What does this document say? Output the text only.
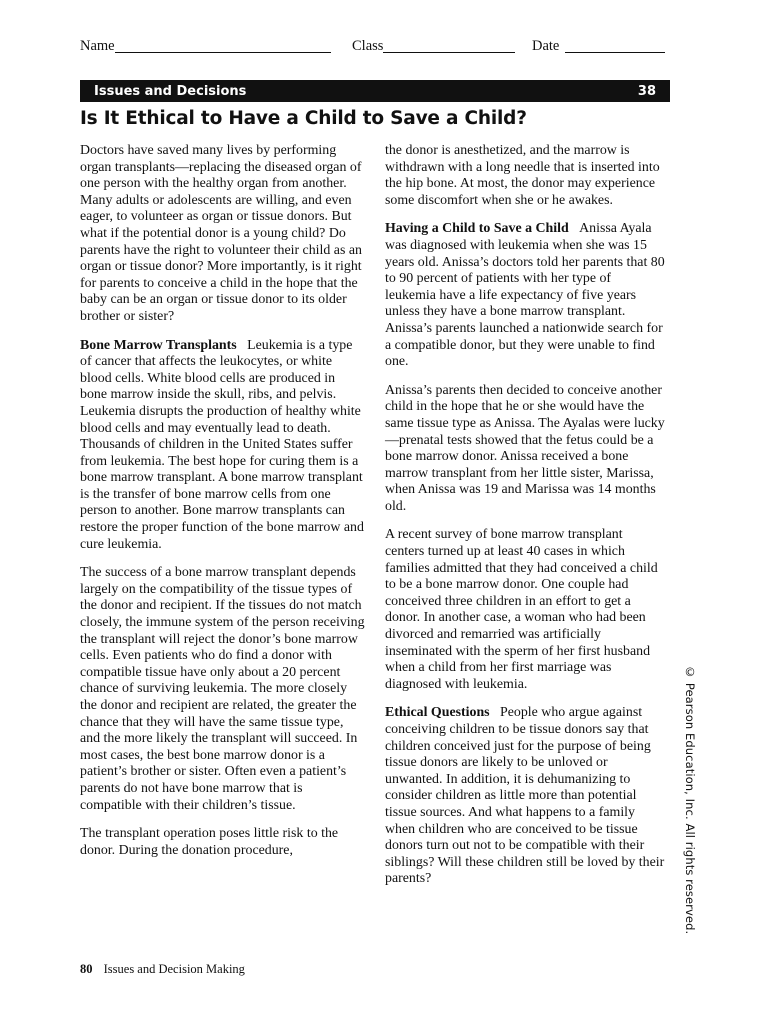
Name	Class	Date
Issues and Decisions	38
Is It Ethical to Have a Child to Save a Child?

Doctors have saved many lives by performing organ transplants—replacing the diseased organ of one person with the healthy organ from another. Many adults or adolescents are willing, and even eager, to volunteer as organ or tissue donors. But what if the potential donor is a young child? Do parents have the right to volunteer their child as an organ or tissue donor? More importantly, is it right for parents to conceive a child in the hope that the baby can be an organ or tissue donor to its older brother or sister?

Bone Marrow Transplants Leukemia is a type of cancer that affects the leukocytes, or white blood cells. White blood cells are produced in bone marrow inside the skull, ribs, and pelvis. Leukemia disrupts the production of healthy white blood cells and may eventually lead to death. Thousands of children in the United States suffer from leukemia. The best hope for curing them is a bone marrow transplant. A bone marrow transplant is the transfer of bone marrow cells from one person to another. Bone marrow transplants can restore the proper function of the bone marrow and cure leukemia.

The success of a bone marrow transplant depends largely on the compatibility of the tissue types of the donor and recipient. If the tissues do not match closely, the immune system of the person receiving the transplant will reject the donor’s bone marrow cells. Even patients who do find a donor with compatible tissue have only about a 20 percent chance of surviving leukemia. The more closely the donor and recipient are related, the greater the chance that they will have the same tissue type, and the more likely the transplant will succeed. In most cases, the best bone marrow donor is a patient’s brother or sister. Often even a patient’s parents do not have bone marrow that is compatible with their children’s tissue.

The transplant operation poses little risk to the donor. During the donation procedure,

the donor is anesthetized, and the marrow is withdrawn with a long needle that is inserted into the hip bone. At most, the donor may experience some discomfort when she or he awakes.

Having a Child to Save a Child Anissa Ayala was diagnosed with leukemia when she was 15 years old. Anissa’s doctors told her parents that 80 to 90 percent of patients with her type of leukemia have a life expectancy of five years unless they have a bone marrow transplant. Anissa’s parents launched a nationwide search for a compatible donor, but they were unable to find one.

Anissa’s parents then decided to conceive another child in the hope that he or she would have the same tissue type as Anissa. The Ayalas were lucky—prenatal tests showed that the fetus could be a bone marrow donor. Anissa received a bone marrow transplant from her little sister, Marissa, when Anissa was 19 and Marissa was 14 months old.

A recent survey of bone marrow transplant centers turned up at least 40 cases in which families admitted that they had conceived a child to be a bone marrow donor. One couple had conceived three children in an effort to get a donor. In another case, a woman who had been divorced and remarried was artificially inseminated with the sperm of her first husband when a child from her first marriage was diagnosed with leukemia.

Ethical Questions People who argue against conceiving children to be tissue donors say that children conceived just for the purpose of being tissue donors are likely to be unloved or unwanted. In addition, it is dehumanizing to consider children as little more than potential tissue sources. And what happens to a family when children who are conceived to be tissue donors turn out not to be compatible with their siblings? Will these children still be loved by their parents?	© Pearson Education, Inc. All rights reserved.
80 Issues and Decision Making
